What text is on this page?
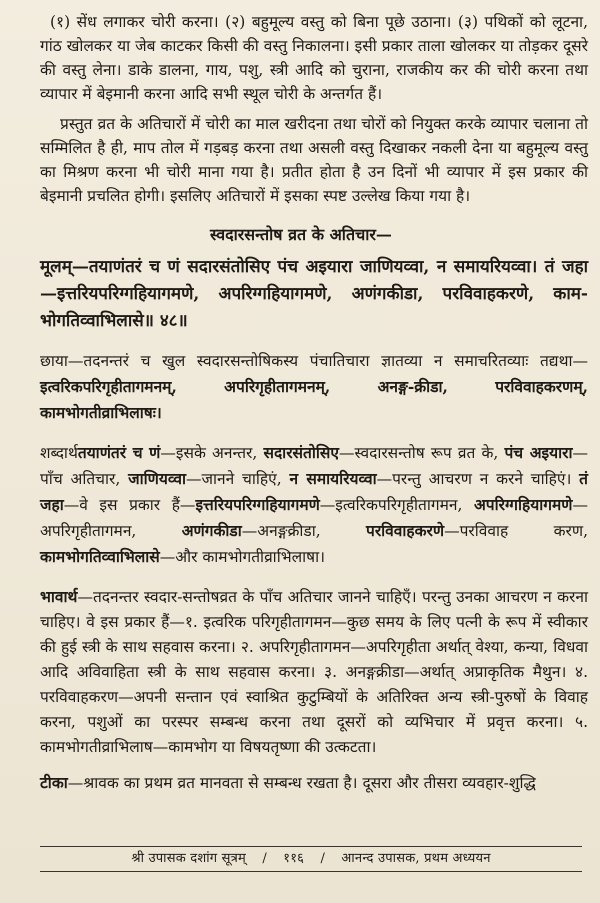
(१) सेंध लगाकर चोरी करना। (२) बहुमूल्य वस्तु को बिना पूछे उठाना। (३) पथिकों को लूटना, गांठ खोलकर या जेब काटकर किसी की वस्तु निकालना। इसी प्रकार ताला खोलकर या तोड़कर दूसरे की वस्तु लेना। डाके डालना, गाय, पशु, स्त्री आदि को चुराना, राजकीय कर की चोरी करना तथा व्यापार में बेइमानी करना आदि सभी स्थूल चोरी के अन्तर्गत हैं।

प्रस्तुत व्रत के अतिचारों में चोरी का माल खरीदना तथा चोरों को नियुक्त करके व्यापार चलाना तो सम्मिलित है ही, माप तोल में गड़बड़ करना तथा असली वस्तु दिखाकर नकली देना या बहुमूल्य वस्तु का मिश्रण करना भी चोरी माना गया है। प्रतीत होता है उन दिनों भी व्यापार में इस प्रकार की बेइमानी प्रचलित होगी। इसलिए अतिचारों में इसका स्पष्ट उल्लेख किया गया है।

स्वदारसन्तोष व्रत के अतिचार—

मूलम्—तयाणंतरं च णं सदारसंतोसिए पंच अइयारा जाणियव्वा, न समायरियव्वा। तं जहा—इत्तरियपरिग्गहियागमणे, अपरिग्गहियागमणे, अणंगकीडा, परविवाहकरणे, काम-भोगतिव्वाभिलासे॥ ४८॥

छाया—तदनन्तरं च खुल स्वदारसन्तोषिकस्य पंचातिचारा ज्ञातव्या न समाचरितव्याः तद्यथा—इत्वरिकपरिगृहीतागमनम्, अपरिगृहीतागमनम्, अनङ्ग-क्रीडा, परविवाहकरणम्, कामभोगतीव्राभिलाषः।

शब्दार्थतयाणंतरं च णं—इसके अनन्तर, सदारसंतोसिए—स्वदारसन्तोष रूप व्रत के, पंच अइयारा—पाँच अतिचार, जाणियव्वा—जानने चाहिएं, न समायरियव्वा—परन्तु आचरण न करने चाहिएं। तं जहा—वे इस प्रकार हैं—इत्तरियपरिग्गहियागमणे—इत्वरिकपरिगृहीतागमन, अपरिग्गहियागमणे—अपरिगृहीतागमन, अणंगकीडा—अनङ्गक्रीडा, परविवाहकरणे—परविवाह करण, कामभोगतिव्वाभिलासे—और कामभोगतीव्राभिलाषा।

भावार्थ—तदनन्तर स्वदार-सन्तोषव्रत के पाँच अतिचार जानने चाहिएँ। परन्तु उनका आचरण न करना चाहिए। वे इस प्रकार हैं—१. इत्वरिक परिगृहीतागमन—कुछ समय के लिए पत्नी के रूप में स्वीकार की हुई स्त्री के साथ सहवास करना। २. अपरिगृहीतागमन—अपरिगृहीता अर्थात् वेश्या, कन्या, विधवा आदि अविवाहिता स्त्री के साथ सहवास करना। ३. अनङ्गक्रीडा—अर्थात् अप्राकृतिक मैथुन। ४. परविवाहकरण—अपनी सन्तान एवं स्वाश्रित कुटुम्बियों के अतिरिक्त अन्य स्त्री-पुरुषों के विवाह करना, पशुओं का परस्पर सम्बन्ध करना तथा दूसरों को व्यभिचार में प्रवृत्त करना। ५. कामभोगतीव्राभिलाष—कामभोग या विषयतृष्णा की उत्कटता।

टीका—श्रावक का प्रथम व्रत मानवता से सम्बन्ध रखता है। दूसरा और तीसरा व्यवहार-शुद्धि

श्री उपासक दशांग सूत्रम् / ११६ / आनन्द उपासक, प्रथम अध्ययन
